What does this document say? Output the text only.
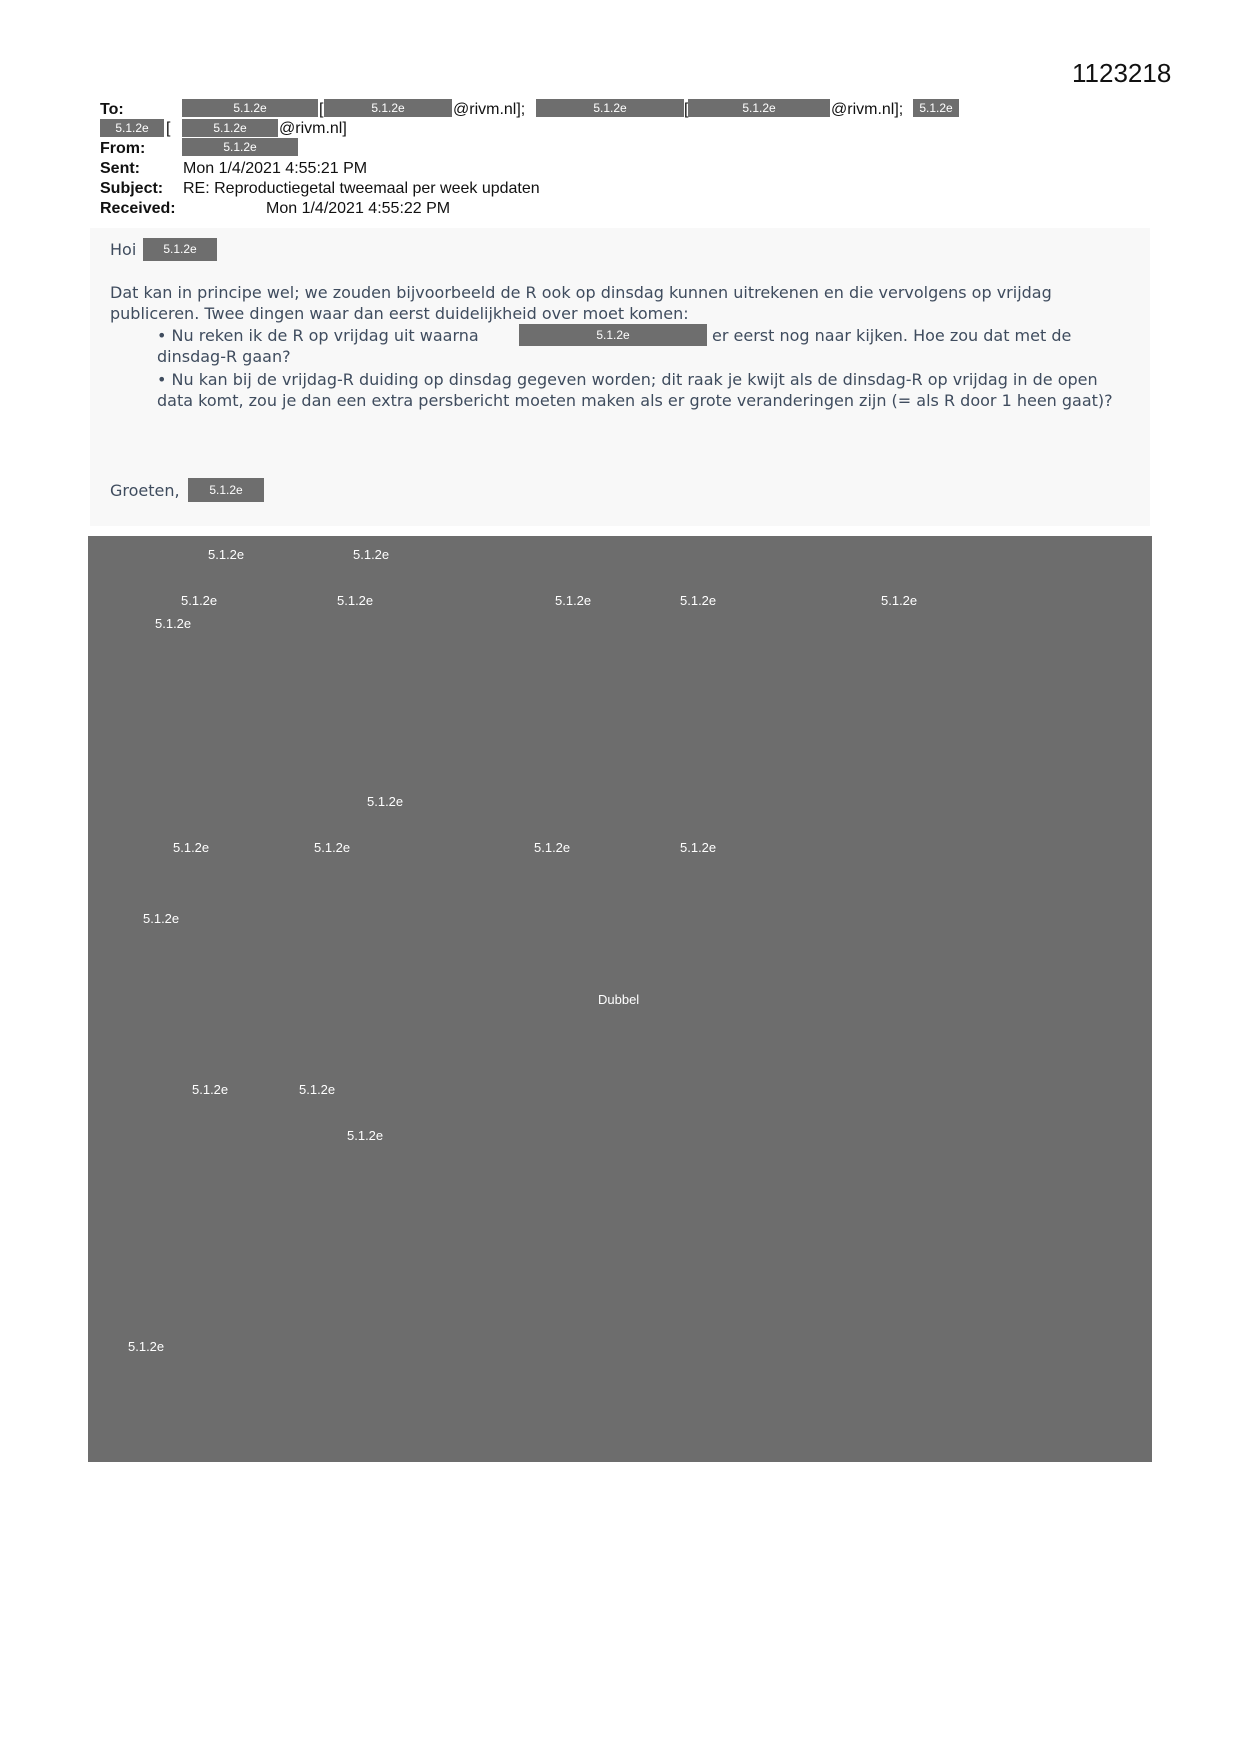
1123218
To:	5.1.2e	[	5.1.2e	@rivm.nl];	5.1.2e	[	5.1.2e	@rivm.nl];	5.1.2e
5.1.2e	[	5.1.2e	@rivm.nl]
From:	5.1.2e
Sent:	Mon 1/4/2021 4:55:21 PM
Subject: RE: Reproductiegetal tweemaal per week updaten
Received:	Mon 1/4/2021 4:55:22 PM
Hoi	5.1.2e
Dat kan in principe wel; we zouden bijvoorbeeld de R ook op dinsdag kunnen uitrekenen en die vervolgens op vrijdag publiceren. Twee dingen waar dan eerst duidelijkheid over moet komen:
• Nu reken ik de R op vrijdag uit waarna	5.1.2e	er eerst nog naar kijken. Hoe zou dat met de
dinsdag-R gaan?
• Nu kan bij de vrijdag-R duiding op dinsdag gegeven worden; dit raak je kwijt als de dinsdag-R op vrijdag in de open data komt, zou je dan een extra persbericht moeten maken als er grote veranderingen zijn (= als R door 1 heen gaat)?
Groeten,	5.1.2e
5.1.2e	5.1.2e
5.1.2e	5.1.2e	5.1.2e	5.1.2e	5.1.2e
5.1.2e
5.1.2e
5.1.2e	5.1.2e	5.1.2e	5.1.2e
5.1.2e
Dubbel
5.1.2e	5.1.2e
5.1.2e
5.1.2e
